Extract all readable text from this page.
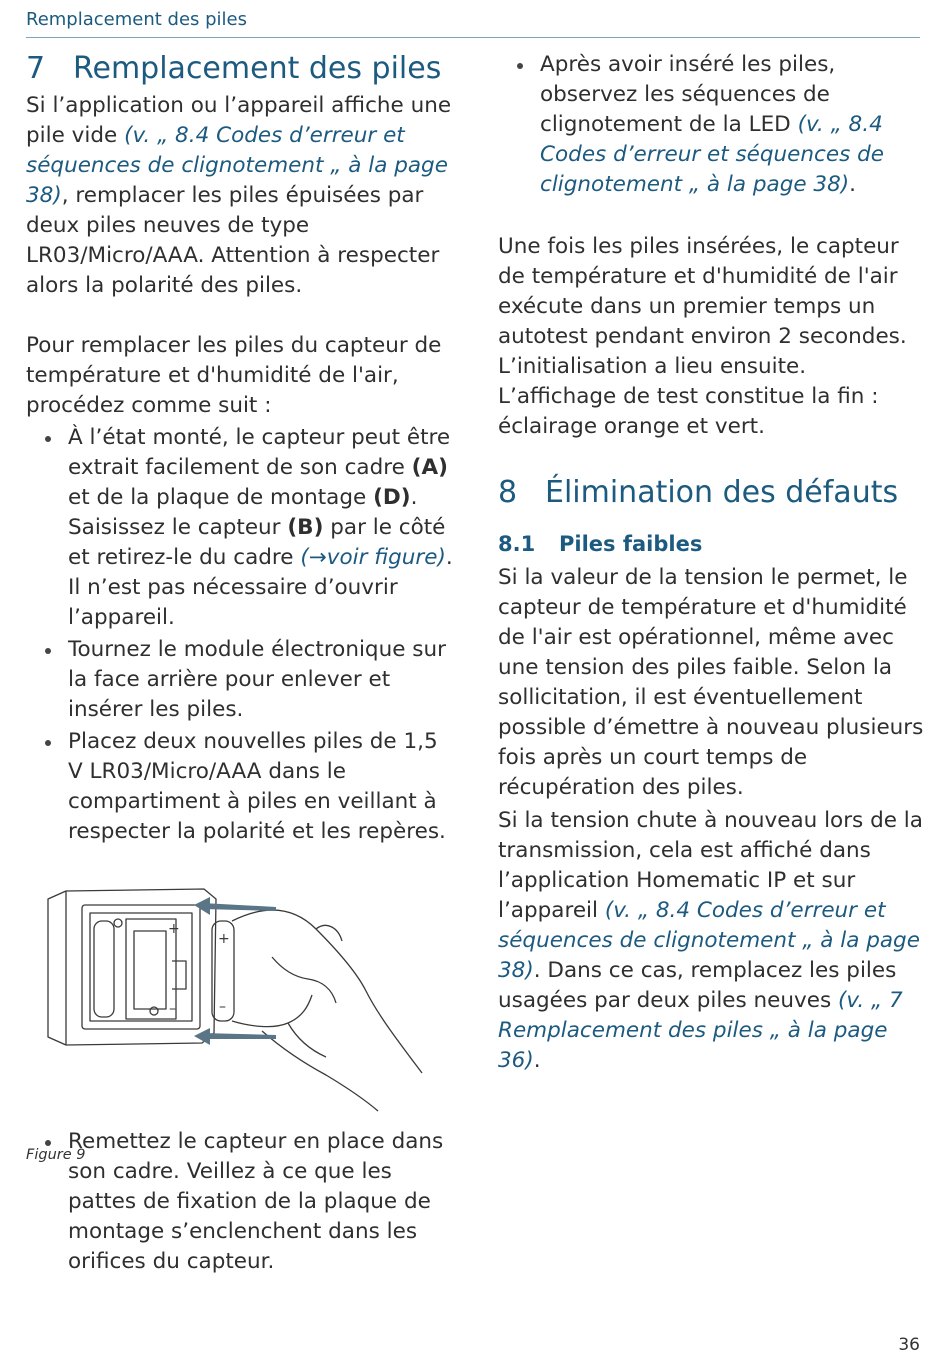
Remplacement des piles
7 Remplacement des piles

Si l’application ou l’appareil affiche une pile vide (v. „ 8.4 Codes d’erreur et séquences de clignotement „ à la page 38), remplacer les piles épuisées par deux piles neuves de type LR03/Micro/AAA. Attention à respecter alors la polarité des piles.

Pour remplacer les piles du capteur de température et d'humidité de l'air, procédez comme suit :

À l’état monté, le capteur peut être extrait facilement de son cadre (A) et de la plaque de montage (D). Saisissez le capteur (B) par le côté et retirez-le du cadre (→voir figure). Il n’est pas nécessaire d’ouvrir l’appareil.
Tournez le module électronique sur la face arrière pour enlever et insérer les piles.
Placez deux nouvelles piles de 1,5 V LR03/Micro/AAA dans le compartiment à piles en veillant à respecter la polarité et les repères.
+
–
+
–
Figure 9
Remettez le capteur en place dans son cadre. Veillez à ce que les pattes de fixation de la plaque de montage s’enclenchent dans les orifices du capteur.
Après avoir inséré les piles, observez les séquences de clignotement de la LED (v. „ 8.4 Codes d’erreur et séquences de clignotement „ à la page 38).

Une fois les piles insérées, le capteur de température et d'humidité de l'air exécute dans un premier temps un autotest pendant environ 2 secondes. L’initialisation a lieu ensuite. L’affichage de test constitue la fin : éclairage orange et vert.

8 Élimination des défauts
8.1 Piles faibles

Si la valeur de la tension le permet, le capteur de température et d'humidité de l'air est opérationnel, même avec une tension des piles faible. Selon la sollicitation, il est éventuellement possible d’émettre à nouveau plusieurs fois après un court temps de récupération des piles.

Si la tension chute à nouveau lors de la transmission, cela est affiché dans l’application Homematic IP et sur l’appareil (v. „ 8.4 Codes d’erreur et séquences de clignotement „ à la page 38). Dans ce cas, remplacez les piles usagées par deux piles neuves (v. „ 7 Remplacement des piles „ à la page 36).

36
